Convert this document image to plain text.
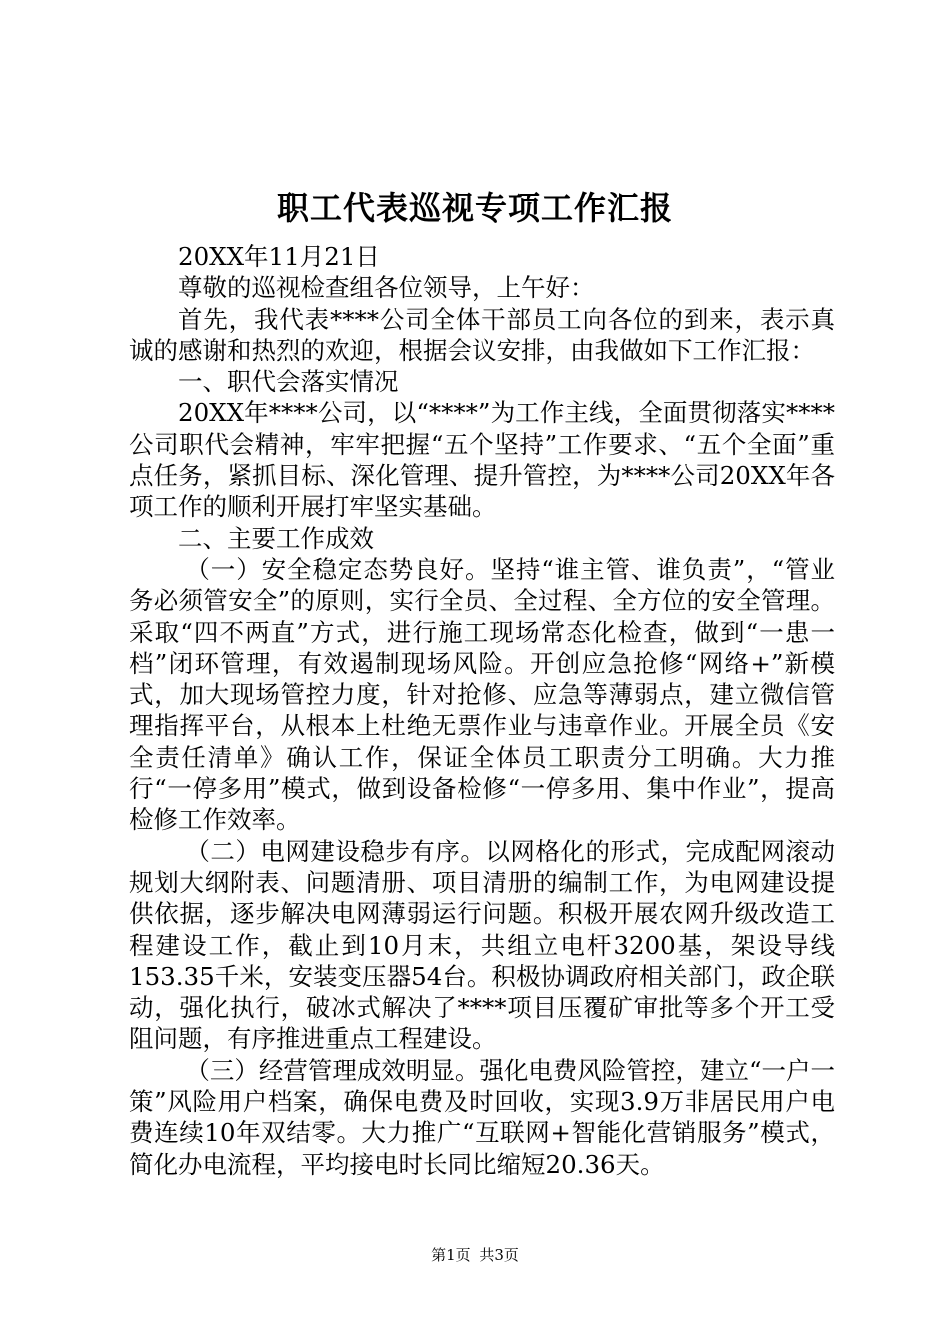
职工代表巡视专项工作汇报

20XX年11月21日

尊敬的巡视检查组各位领导，上午好：

首先，我代表****公司全体干部员工向各位的到来，表示真诚的感谢和热烈的欢迎，根据会议安排，由我做如下工作汇报：

一、职代会落实情况

20XX年****公司，以“****”为工作主线，全面贯彻落实****公司职代会精神，牢牢把握“五个坚持”工作要求、“五个全面”重点任务，紧抓目标、深化管理、提升管控，为****公司20XX年各项工作的顺利开展打牢坚实基础。

二、主要工作成效

（一）安全稳定态势良好。坚持“谁主管、谁负责”，“管业务必须管安全”的原则，实行全员、全过程、全方位的安全管理。采取“四不两直”方式，进行施工现场常态化检查，做到“一患一档”闭环管理，有效遏制现场风险。开创应急抢修“网络+”新模式，加大现场管控力度，针对抢修、应急等薄弱点，建立微信管理指挥平台，从根本上杜绝无票作业与违章作业。开展全员《安全责任清单》确认工作，保证全体员工职责分工明确。大力推行“一停多用”模式，做到设备检修“一停多用、集中作业”，提高检修工作效率。

（二）电网建设稳步有序。以网格化的形式，完成配网滚动规划大纲附表、问题清册、项目清册的编制工作，为电网建设提供依据，逐步解决电网薄弱运行问题。积极开展农网升级改造工程建设工作，截止到10月末，共组立电杆3200基，架设导线153.35千米，安装变压器54台。积极协调政府相关部门，政企联动，强化执行，破冰式解决了****项目压覆矿审批等多个开工受阻问题，有序推进重点工程建设。

（三）经营管理成效明显。强化电费风险管控，建立“一户一策”风险用户档案，确保电费及时回收，实现3.9万非居民用户电费连续10年双结零。大力推广“互联网+智能化营销服务”模式，简化办电流程，平均接电时长同比缩短20.36天。

第1页 共3页
